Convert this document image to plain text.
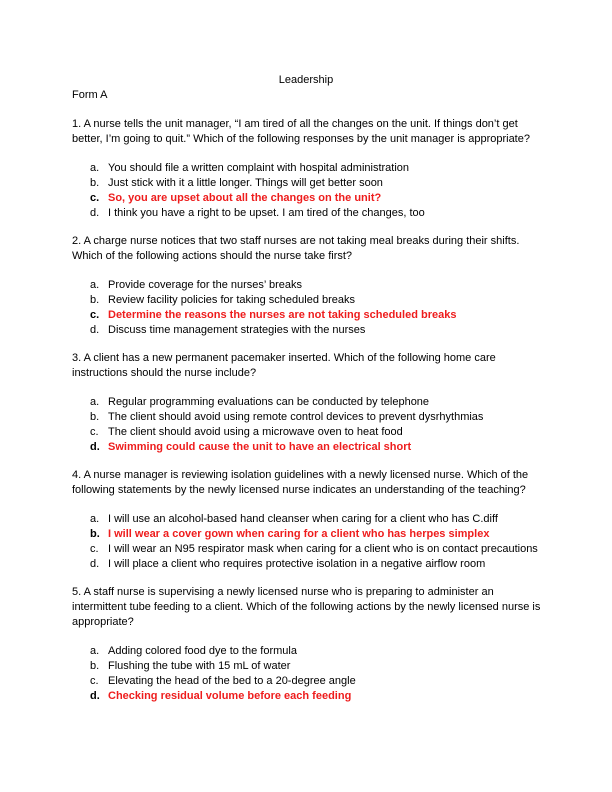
Leadership
Form A
1. A nurse tells the unit manager, “I am tired of all the changes on the unit. If things don’t get better, I’m going to quit.” Which of the following responses by the unit manager is appropriate?
a. You should file a written complaint with hospital administration
b. Just stick with it a little longer. Things will get better soon
c. So, you are upset about all the changes on the unit?
d. I think you have a right to be upset. I am tired of the changes, too
2. A charge nurse notices that two staff nurses are not taking meal breaks during their shifts. Which of the following actions should the nurse take first?
a. Provide coverage for the nurses’ breaks
b. Review facility policies for taking scheduled breaks
c. Determine the reasons the nurses are not taking scheduled breaks
d. Discuss time management strategies with the nurses
3. A client has a new permanent pacemaker inserted. Which of the following home care instructions should the nurse include?
a. Regular programming evaluations can be conducted by telephone
b. The client should avoid using remote control devices to prevent dysrhythmias
c. The client should avoid using a microwave oven to heat food
d. Swimming could cause the unit to have an electrical short
4. A nurse manager is reviewing isolation guidelines with a newly licensed nurse. Which of the following statements by the newly licensed nurse indicates an understanding of the teaching?
a. I will use an alcohol-based hand cleanser when caring for a client who has C.diff
b. I will wear a cover gown when caring for a client who has herpes simplex
c. I will wear an N95 respirator mask when caring for a client who is on contact precautions
d. I will place a client who requires protective isolation in a negative airflow room
5. A staff nurse is supervising a newly licensed nurse who is preparing to administer an intermittent tube feeding to a client. Which of the following actions by the newly licensed nurse is appropriate?
a. Adding colored food dye to the formula
b. Flushing the tube with 15 mL of water
c. Elevating the head of the bed to a 20-degree angle
d. Checking residual volume before each feeding
